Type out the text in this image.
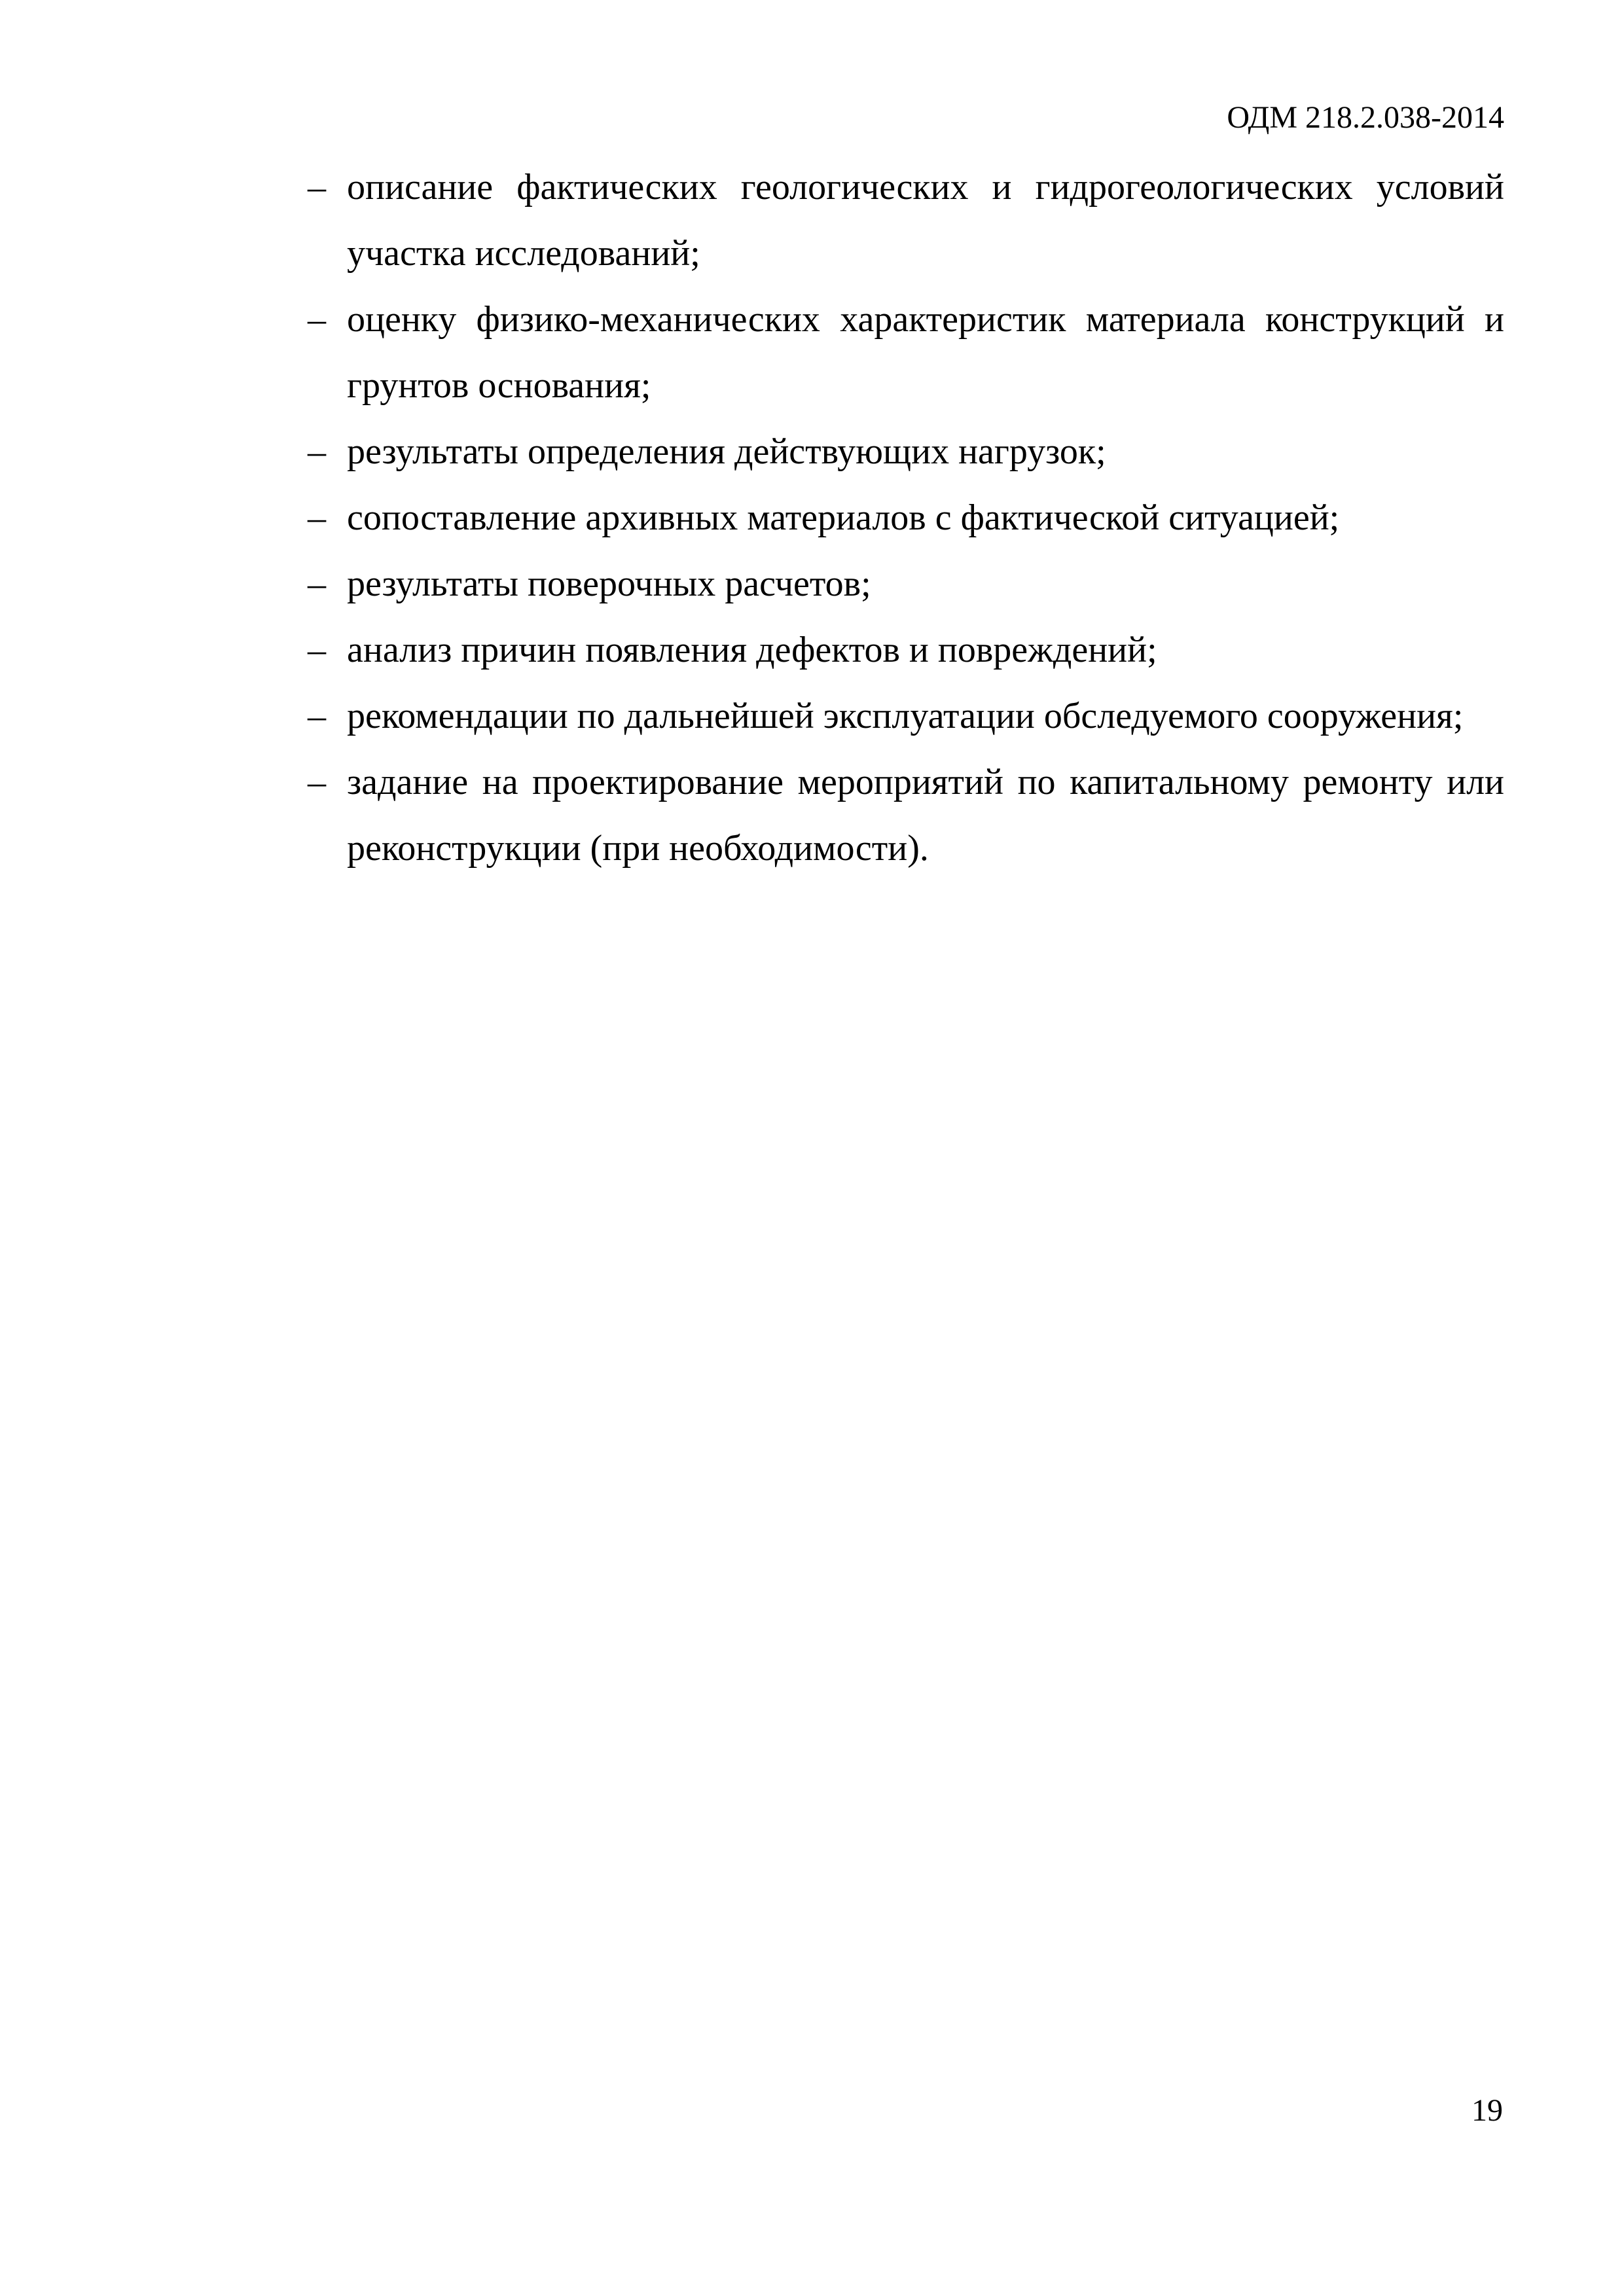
ОДМ 218.2.038-2014
– описание фактических геологических и гидрогеологических условий участка исследований;
– оценку физико-механических характеристик материала конструкций и грунтов основания;
– результаты определения действующих нагрузок;
– сопоставление архивных материалов с фактической ситуацией;
– результаты поверочных расчетов;
– анализ причин появления дефектов и повреждений;
– рекомендации по дальнейшей эксплуатации обследуемого сооружения;
– задание на проектирование мероприятий по капитальному ремонту или реконструкции (при необходимости).
19
